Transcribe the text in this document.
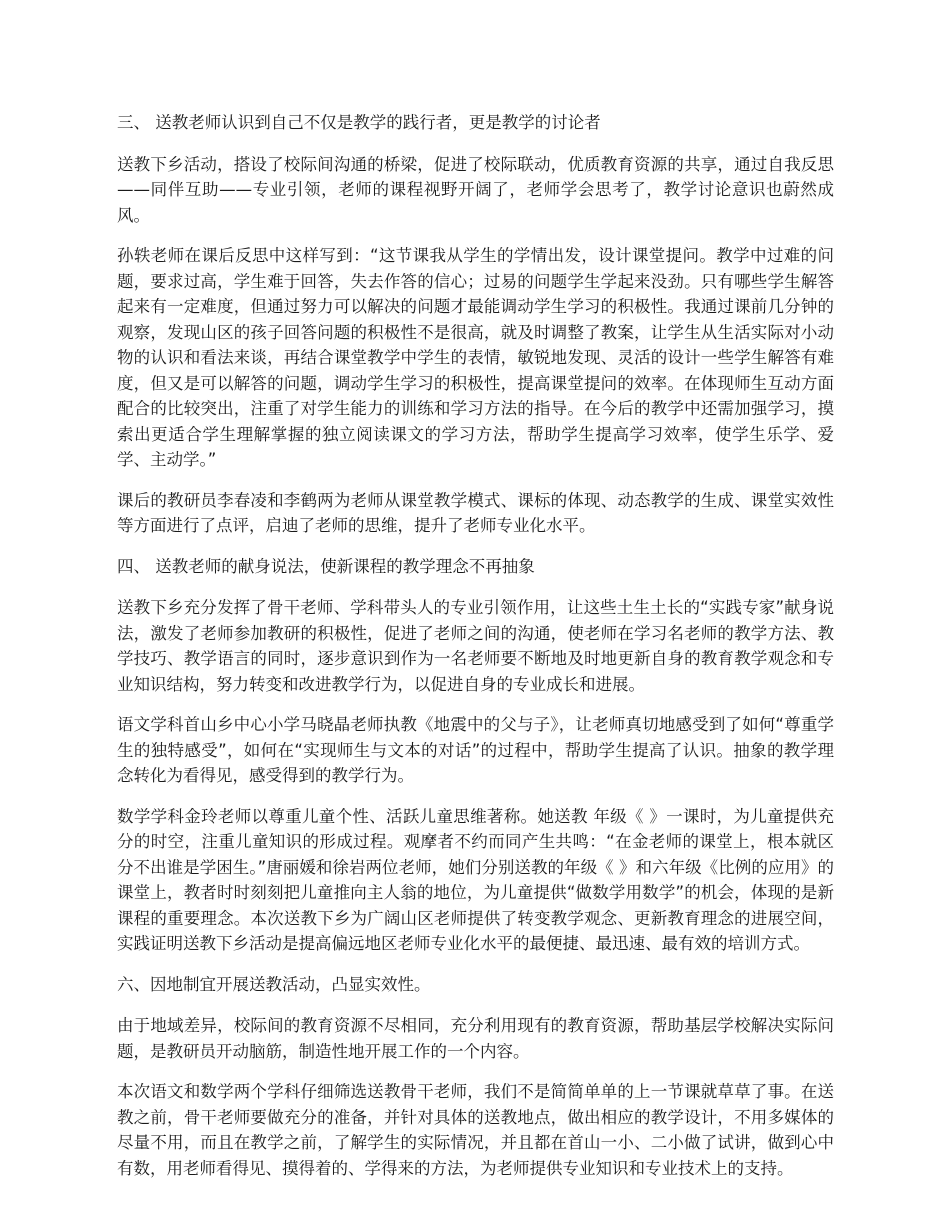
三、 送教老师认识到自己不仅是教学的践行者，更是教学的讨论者
送教下乡活动，搭设了校际间沟通的桥梁，促进了校际联动，优质教育资源的共享，通过自我反思——同伴互助——专业引领，老师的课程视野开阔了，老师学会思考了，教学讨论意识也蔚然成风。
孙轶老师在课后反思中这样写到：“这节课我从学生的学情出发，设计课堂提问。教学中过难的问题，要求过高，学生难于回答，失去作答的信心；过易的问题学生学起来没劲。只有哪些学生解答起来有一定难度，但通过努力可以解决的问题才最能调动学生学习的积极性。我通过课前几分钟的观察，发现山区的孩子回答问题的积极性不是很高，就及时调整了教案，让学生从生活实际对小动物的认识和看法来谈，再结合课堂教学中学生的表情，敏锐地发现、灵活的设计一些学生解答有难度，但又是可以解答的问题，调动学生学习的积极性，提高课堂提问的效率。在体现师生互动方面配合的比较突出，注重了对学生能力的训练和学习方法的指导。在今后的教学中还需加强学习，摸索出更适合学生理解掌握的独立阅读课文的学习方法，帮助学生提高学习效率，使学生乐学、爱学、主动学。”
课后的教研员李春凌和李鹤两为老师从课堂教学模式、课标的体现、动态教学的生成、课堂实效性等方面进行了点评，启迪了老师的思维，提升了老师专业化水平。
四、 送教老师的献身说法，使新课程的教学理念不再抽象
送教下乡充分发挥了骨干老师、学科带头人的专业引领作用，让这些土生土长的“实践专家”献身说法，激发了老师参加教研的积极性，促进了老师之间的沟通，使老师在学习名老师的教学方法、教学技巧、教学语言的同时，逐步意识到作为一名老师要不断地及时地更新自身的教育教学观念和专业知识结构，努力转变和改进教学行为，以促进自身的专业成长和进展。
语文学科首山乡中心小学马晓晶老师执教《地震中的父与子》，让老师真切地感受到了如何“尊重学生的独特感受”，如何在“实现师生与文本的对话”的过程中，帮助学生提高了认识。抽象的教学理念转化为看得见，感受得到的教学行为。
数学学科金玲老师以尊重儿童个性、活跃儿童思维著称。她送教 年级《 》一课时，为儿童提供充分的时空，注重儿童知识的形成过程。观摩者不约而同产生共鸣：“在金老师的课堂上，根本就区分不出谁是学困生。”唐丽媛和徐岩两位老师，她们分别送教的年级《 》和六年级《比例的应用》的课堂上，教者时时刻刻把儿童推向主人翁的地位，为儿童提供“做数学用数学”的机会，体现的是新课程的重要理念。本次送教下乡为广阔山区老师提供了转变教学观念、更新教育理念的进展空间，实践证明送教下乡活动是提高偏远地区老师专业化水平的最便捷、最迅速、最有效的培训方式。
六、因地制宜开展送教活动，凸显实效性。
由于地域差异，校际间的教育资源不尽相同，充分利用现有的教育资源，帮助基层学校解决实际问题，是教研员开动脑筋，制造性地开展工作的一个内容。
本次语文和数学两个学科仔细筛选送教骨干老师，我们不是简简单单的上一节课就草草了事。在送教之前，骨干老师要做充分的准备，并针对具体的送教地点，做出相应的教学设计，不用多媒体的尽量不用，而且在教学之前，了解学生的实际情况，并且都在首山一小、二小做了试讲，做到心中有数，用老师看得见、摸得着的、学得来的方法，为老师提供专业知识和专业技术上的支持。
